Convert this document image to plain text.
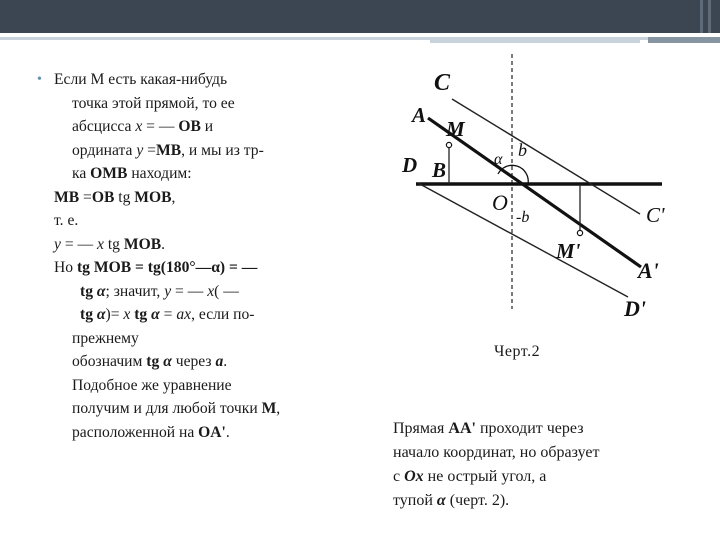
• Если M есть какая-нибудь
точка этой прямой, то ее
абсцисса x = — OB и
ордината y =MB, и мы из тр-
ка OMB находим:
MB =OB tg MOB,
т. е.
y = — x tg MOB.
Но tg MOB = tg(180°—α) = —
tg α; значит, y = — x( —
tg α)= x tg α = ax, если по-
прежнему
обозначим tg α через a.
Подобное же уравнение
получим и для любой точки M,
расположенной на OA'.
C
A
M
D B	α b
O
-b	C'
M'
A'
D'
Черт.2
Прямая AA' проходит через
начало координат, но образует
с Ox не острый угол, а
тупой α (черт. 2).
